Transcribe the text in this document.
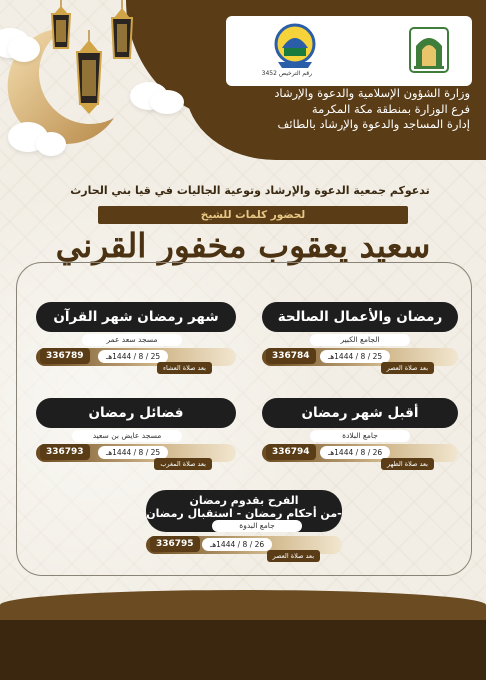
رقم الترخيص 3452
وزارة الشؤون الإسلامية والدعوة والإرشاد
فرع الوزارة بمنطقة مكة المكرمة
إدارة المساجد والدعوة والإرشاد بالطائف
تدعوكم جمعية الدعوة والإرشاد وتوعية الجاليات في قيا بني الحارث
لحضور كلمات للشيخ
سعيد يعقوب مخفور القرني
رمضان والأعمال الصالحة
الجامع الكبير
336784	25 / 8 / 1444هـ
بعد صلاة العصر
شهر رمضان شهر القرآن
مسجد سعد عمر
336789	25 / 8 / 1444هـ
بعد صلاة العشاء
أقبل شهر رمضان
جامع البلادة
336794	26 / 8 / 1444هـ
بعد صلاة الظهر
فضائل رمضان
مسجد عايض بن سعيد
336793	25 / 8 / 1444هـ
بعد صلاة المغرب
الفرح بقدوم رمضان
-من أحكام رمضان - استقبال رمضان
جامع البدوة
336795	26 / 8 / 1444هـ
بعد صلاة العصر
